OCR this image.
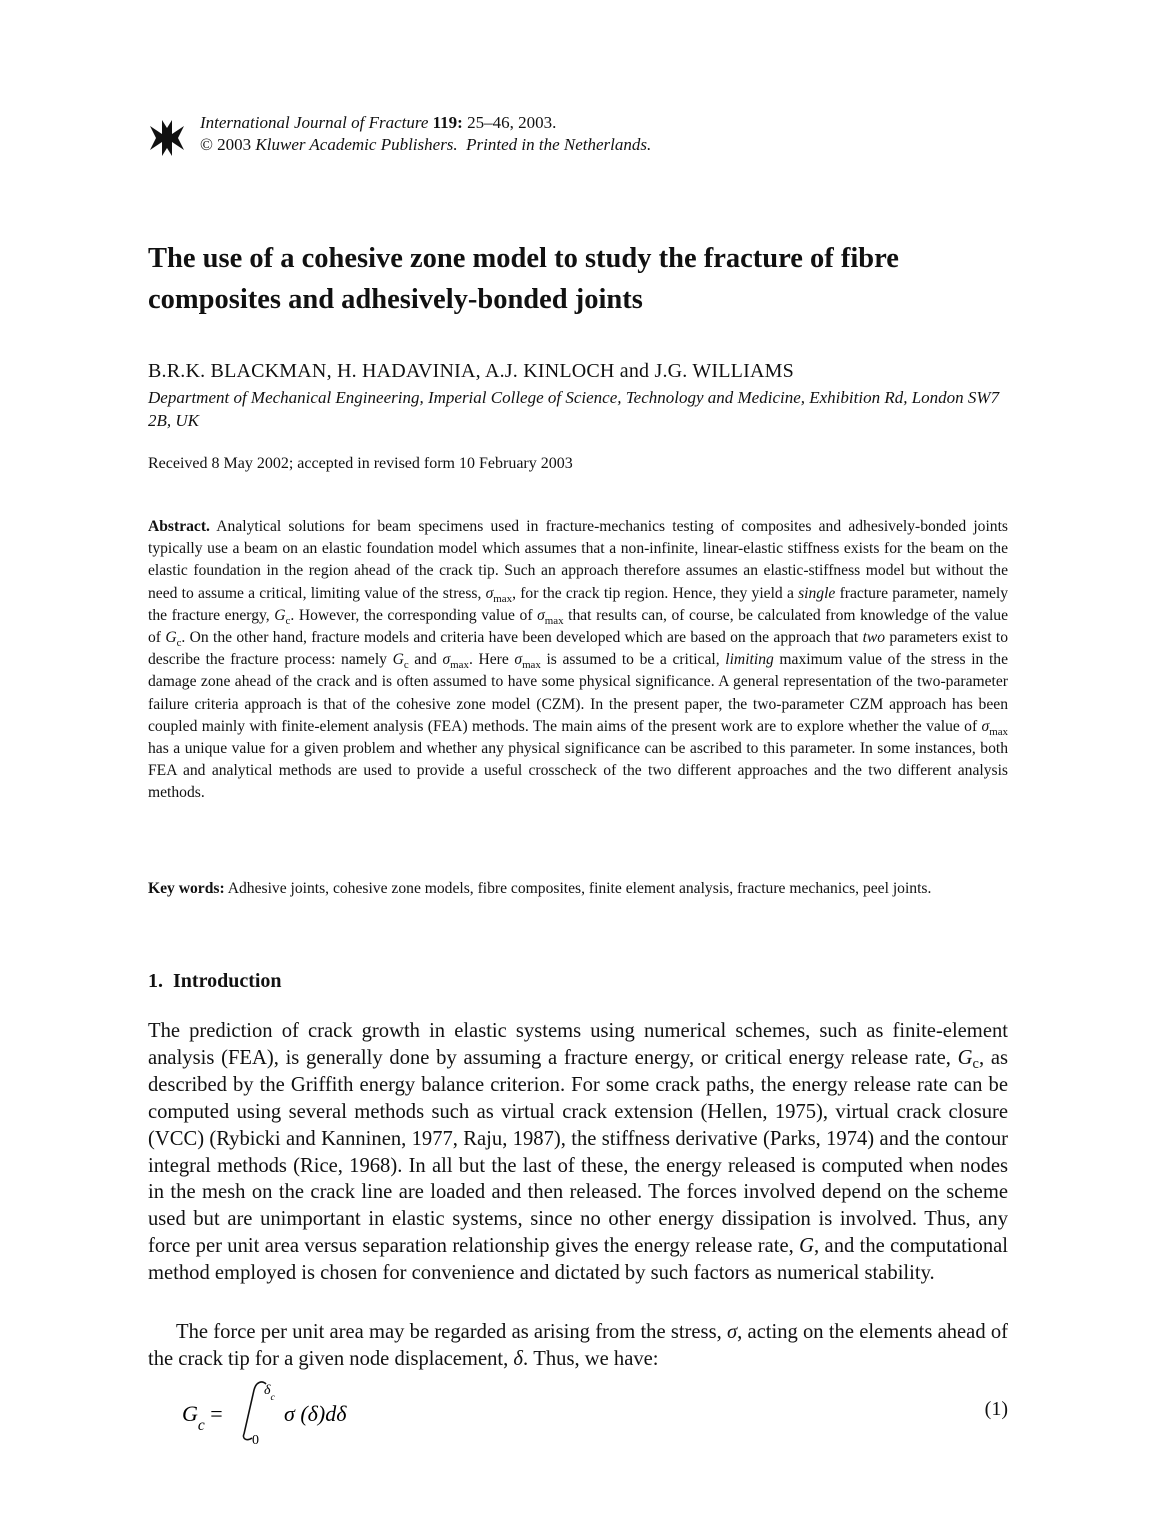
International Journal of Fracture 119: 25–46, 2003.
© 2003 Kluwer Academic Publishers. Printed in the Netherlands.
The use of a cohesive zone model to study the fracture of fibre composites and adhesively-bonded joints
B.R.K. BLACKMAN, H. HADAVINIA, A.J. KINLOCH and J.G. WILLIAMS
Department of Mechanical Engineering, Imperial College of Science, Technology and Medicine, Exhibition Rd, London SW7 2B, UK
Received 8 May 2002; accepted in revised form 10 February 2003

Abstract. Analytical solutions for beam specimens used in fracture-mechanics testing of composites and adhesively-bonded joints typically use a beam on an elastic foundation model which assumes that a non-infinite, linear-elastic stiffness exists for the beam on the elastic foundation in the region ahead of the crack tip. Such an approach therefore assumes an elastic-stiffness model but without the need to assume a critical, limiting value of the stress, $\sigma_{max}$, for the crack tip region. Hence, they yield a single fracture parameter, namely the fracture energy, $G_c$. However, the corresponding value of $\sigma_{max}$ that results can, of course, be calculated from knowledge of the value of $G_c$. On the other hand, fracture models and criteria have been developed which are based on the approach that two parameters exist to describe the fracture process: namely $G_c$ and $\sigma_{max}$. Here $\sigma_{max}$ is assumed to be a critical, limiting maximum value of the stress in the damage zone ahead of the crack and is often assumed to have some physical significance. A general representation of the two-parameter failure criteria approach is that of the cohesive zone model (CZM). In the present paper, the two-parameter CZM approach has been coupled mainly with finite-element analysis (FEA) methods. The main aims of the present work are to explore whether the value of $\sigma_{max}$ has a unique value for a given problem and whether any physical significance can be ascribed to this parameter. In some instances, both FEA and analytical methods are used to provide a useful crosscheck of the two different approaches and the two different analysis methods.

Key words: Adhesive joints, cohesive zone models, fibre composites, finite element analysis, fracture mechanics, peel joints.

1. Introduction

The prediction of crack growth in elastic systems using numerical schemes, such as finite-element analysis (FEA), is generally done by assuming a fracture energy, or critical energy release rate, $G_c$, as described by the Griffith energy balance criterion. For some crack paths, the energy release rate can be computed using several methods such as virtual crack extension (Hellen, 1975), virtual crack closure (VCC) (Rybicki and Kanninen, 1977, Raju, 1987), the stiffness derivative (Parks, 1974) and the contour integral methods (Rice, 1968). In all but the last of these, the energy released is computed when nodes in the mesh on the crack line are loaded and then released. The forces involved depend on the scheme used but are unimportant in elastic systems, since no other energy dissipation is involved. Thus, any force per unit area versus separation relationship gives the energy release rate, G, and the computational method employed is chosen for convenience and dictated by such factors as numerical stability.

The force per unit area may be regarded as arising from the stress, σ, acting on the elements ahead of the crack tip for a given node displacement, δ. Thus, we have:

$G_c$ =
$\delta_c$
0
σ (δ)dδ	(1)
